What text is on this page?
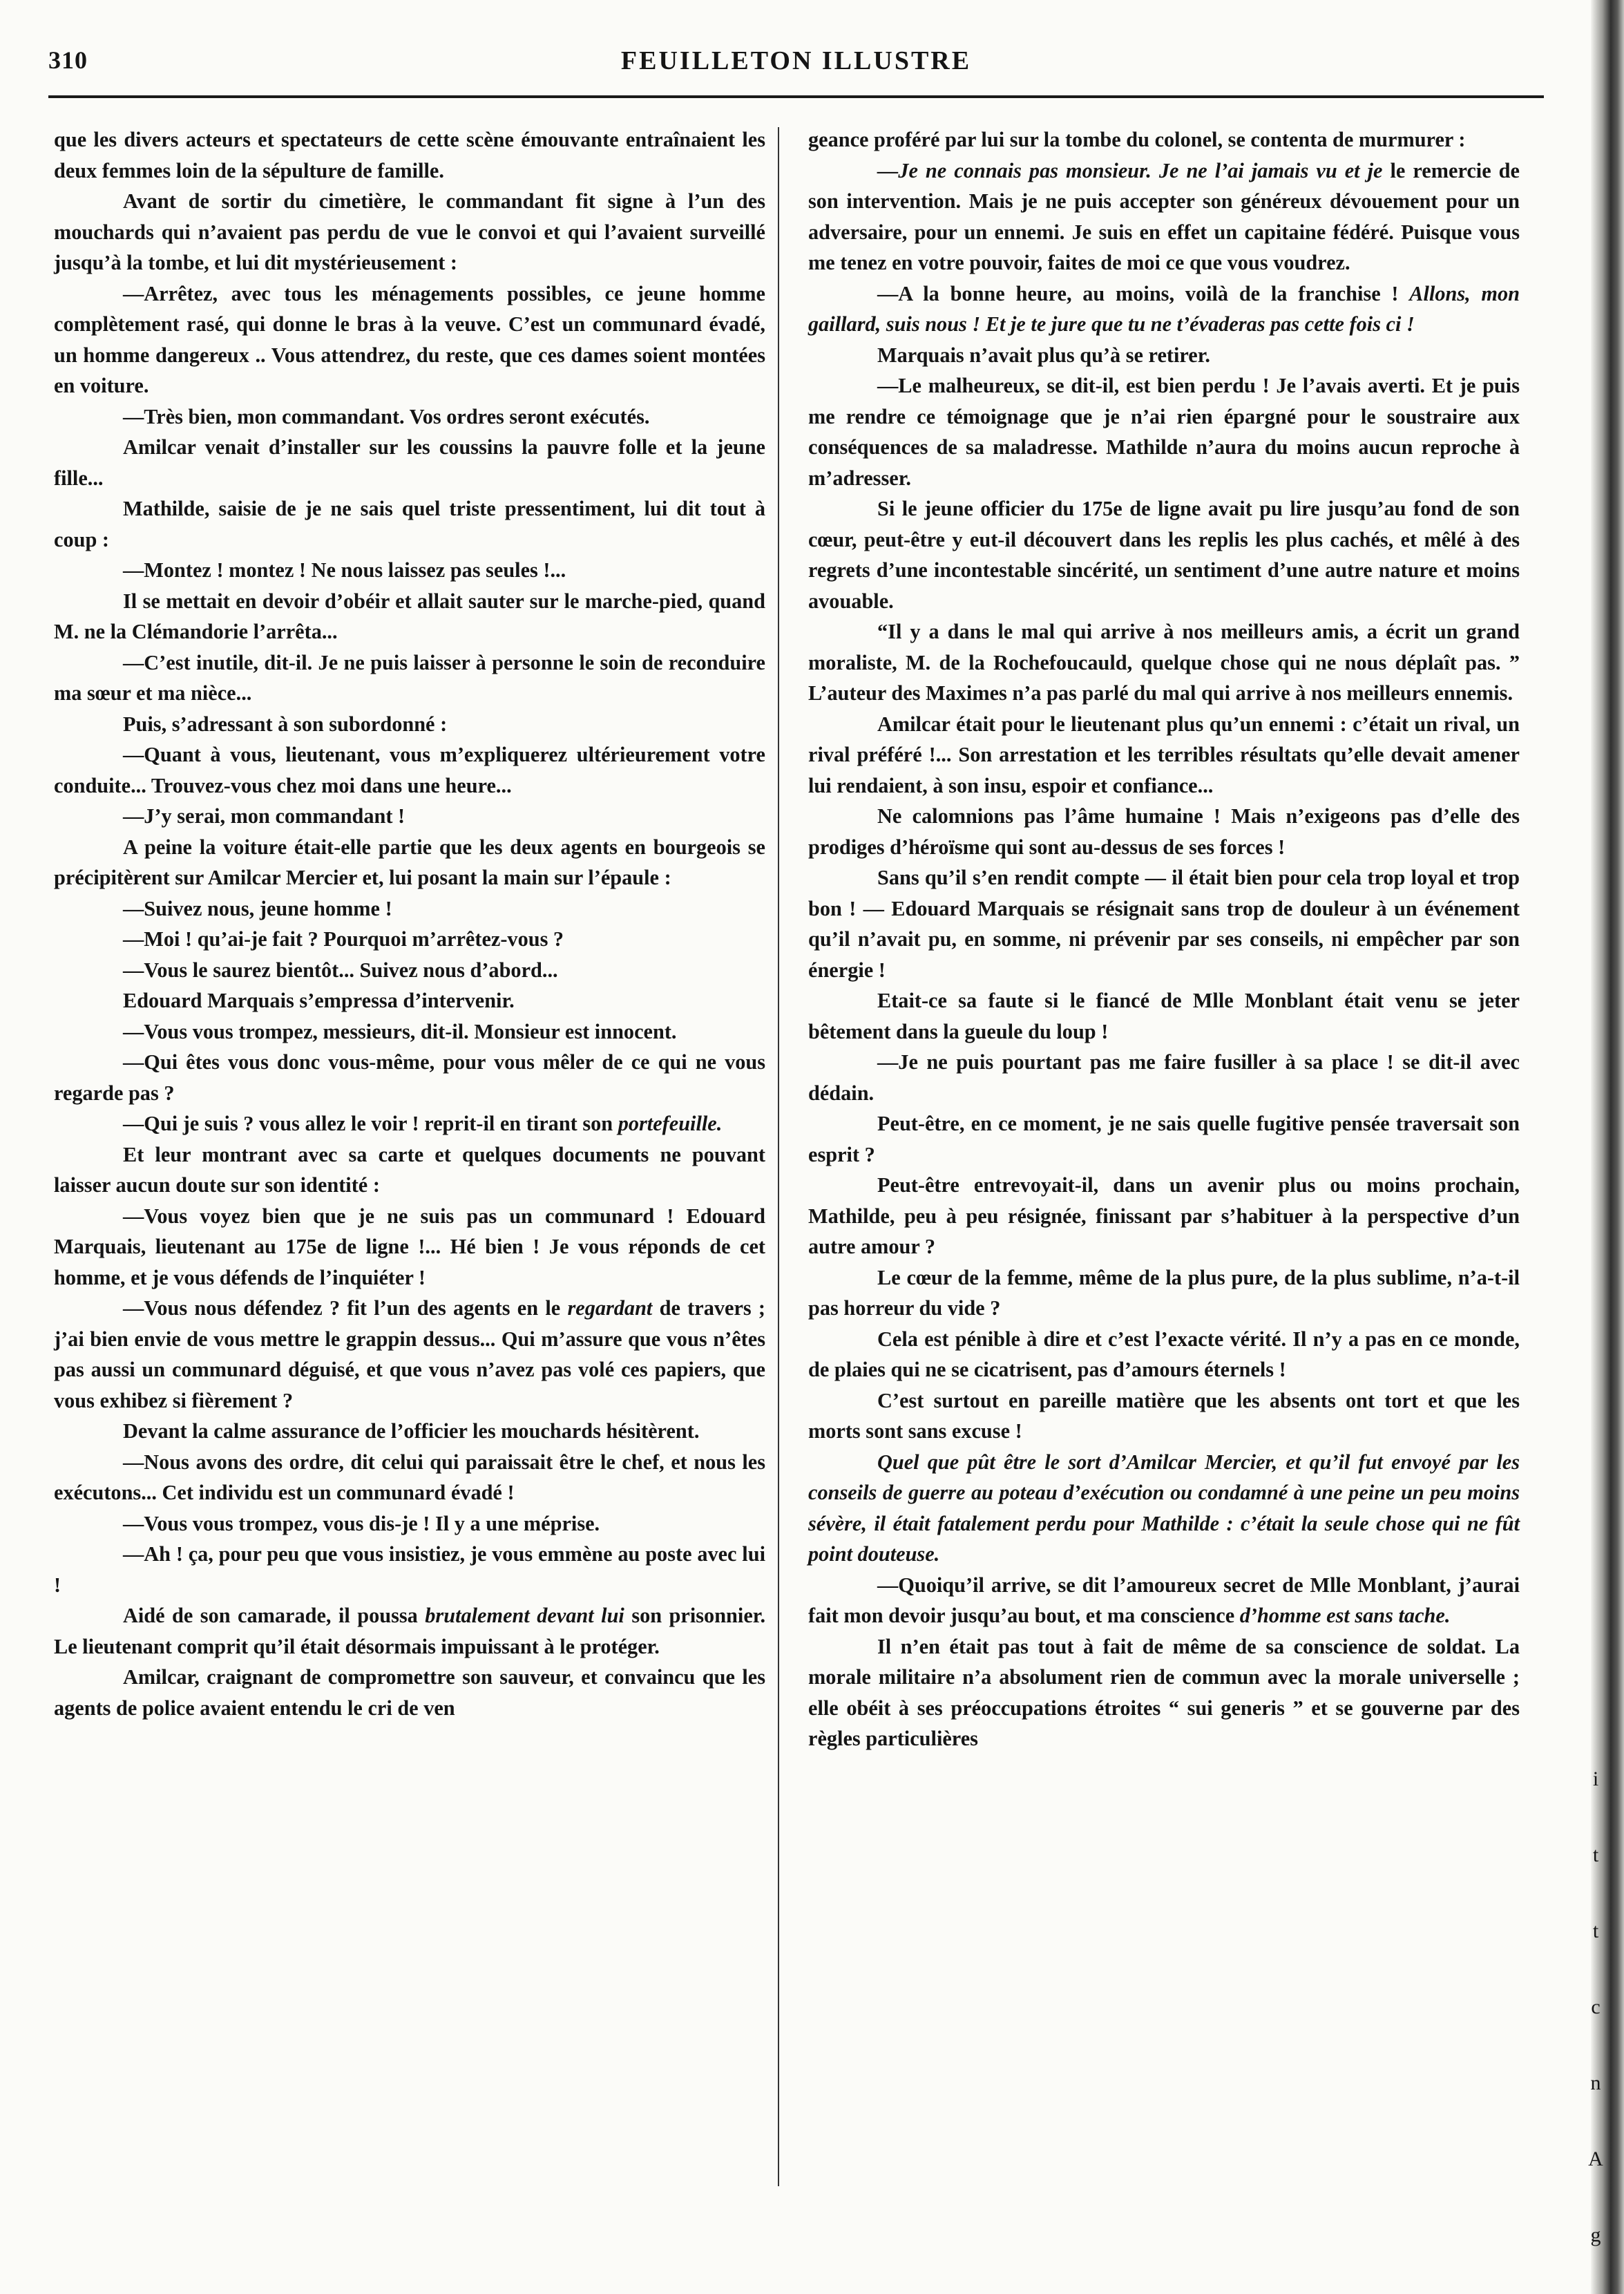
310	FEUILLETON ILLUSTRE

que les divers acteurs et spectateurs de cette scène émouvante entraînaient les deux femmes loin de la sépulture de famille.

Avant de sortir du cimetière, le commandant fit signe à l’un des mouchards qui n’avaient pas perdu de vue le convoi et qui l’avaient surveillé jusqu’à la tombe, et lui dit mystérieusement :

—Arrêtez, avec tous les ménagements possibles, ce jeune homme complètement rasé, qui donne le bras à la veuve. C’est un communard évadé, un homme dangereux .. Vous attendrez, du reste, que ces dames soient montées en voiture.

—Très bien, mon commandant. Vos ordres seront exécutés.

Amilcar venait d’installer sur les coussins la pauvre folle et la jeune fille...

Mathilde, saisie de je ne sais quel triste pressentiment, lui dit tout à coup :

—Montez ! montez ! Ne nous laissez pas seules !...

Il se mettait en devoir d’obéir et allait sauter sur le marche-pied, quand M. ne la Clémandorie l’arrêta...

—C’est inutile, dit-il. Je ne puis laisser à personne le soin de reconduire ma sœur et ma nièce...

Puis, s’adressant à son subordonné :

—Quant à vous, lieutenant, vous m’expliquerez ultérieurement votre conduite... Trouvez-vous chez moi dans une heure...

—J’y serai, mon commandant !

A peine la voiture était-elle partie que les deux agents en bourgeois se précipitèrent sur Amilcar Mercier et, lui posant la main sur l’épaule :

—Suivez nous, jeune homme !

—Moi ! qu’ai-je fait ? Pourquoi m’arrêtez-vous ?

—Vous le saurez bientôt... Suivez nous d’abord...

Edouard Marquais s’empressa d’intervenir.

—Vous vous trompez, messieurs, dit-il. Monsieur est innocent.

—Qui êtes vous donc vous-même, pour vous mêler de ce qui ne vous regarde pas ?

—Qui je suis ? vous allez le voir ! reprit-il en tirant son portefeuille.

Et leur montrant avec sa carte et quelques documents ne pouvant laisser aucun doute sur son identité :

—Vous voyez bien que je ne suis pas un communard ! Edouard Marquais, lieutenant au 175e de ligne !... Hé bien ! Je vous réponds de cet homme, et je vous défends de l’inquiéter !

—Vous nous défendez ? fit l’un des agents en le regardant de travers ; j’ai bien envie de vous mettre le grappin dessus... Qui m’assure que vous n’êtes pas aussi un communard déguisé, et que vous n’avez pas volé ces papiers, que vous exhibez si fièrement ?

Devant la calme assurance de l’officier les mouchards hésitèrent.

—Nous avons des ordre, dit celui qui paraissait être le chef, et nous les exécutons... Cet individu est un communard évadé !

—Vous vous trompez, vous dis-je ! Il y a une méprise.

—Ah ! ça, pour peu que vous insistiez, je vous emmène au poste avec lui !

Aidé de son camarade, il poussa brutalement devant lui son prisonnier. Le lieutenant comprit qu’il était désormais impuissant à le protéger.

Amilcar, craignant de compromettre son sauveur, et convaincu que les agents de police avaient entendu le cri de ven

geance proféré par lui sur la tombe du colonel, se contenta de murmurer :

—Je ne connais pas monsieur. Je ne l’ai jamais vu et je le remercie de son intervention. Mais je ne puis accepter son généreux dévouement pour un adversaire, pour un ennemi. Je suis en effet un capitaine fédéré. Puisque vous me tenez en votre pouvoir, faites de moi ce que vous voudrez.

—A la bonne heure, au moins, voilà de la franchise ! Allons, mon gaillard, suis nous ! Et je te jure que tu ne t’évaderas pas cette fois ci !

Marquais n’avait plus qu’à se retirer.

—Le malheureux, se dit-il, est bien perdu ! Je l’avais averti. Et je puis me rendre ce témoignage que je n’ai rien épargné pour le soustraire aux conséquences de sa maladresse. Mathilde n’aura du moins aucun reproche à m’adresser.

Si le jeune officier du 175e de ligne avait pu lire jusqu’au fond de son cœur, peut-être y eut-il découvert dans les replis les plus cachés, et mêlé à des regrets d’une incontestable sincérité, un sentiment d’une autre nature et moins avouable.

“Il y a dans le mal qui arrive à nos meilleurs amis, a écrit un grand moraliste, M. de la Rochefoucauld, quelque chose qui ne nous déplaît pas. ” L’auteur des Maximes n’a pas parlé du mal qui arrive à nos meilleurs ennemis.

Amilcar était pour le lieutenant plus qu’un ennemi : c’était un rival, un rival préféré !... Son arrestation et les terribles résultats qu’elle devait amener lui rendaient, à son insu, espoir et confiance...

Ne calomnions pas l’âme humaine ! Mais n’exigeons pas d’elle des prodiges d’héroïsme qui sont au-dessus de ses forces !

Sans qu’il s’en rendit compte — il était bien pour cela trop loyal et trop bon ! — Edouard Marquais se résignait sans trop de douleur à un événement qu’il n’avait pu, en somme, ni prévenir par ses conseils, ni empêcher par son énergie !

Etait-ce sa faute si le fiancé de Mlle Monblant était venu se jeter bêtement dans la gueule du loup !

—Je ne puis pourtant pas me faire fusiller à sa place ! se dit-il avec dédain.

Peut-être, en ce moment, je ne sais quelle fugitive pensée traversait son esprit ?

Peut-être entrevoyait-il, dans un avenir plus ou moins prochain, Mathilde, peu à peu résignée, finissant par s’habituer à la perspective d’un autre amour ?

Le cœur de la femme, même de la plus pure, de la plus sublime, n’a-t-il pas horreur du vide ?

Cela est pénible à dire et c’est l’exacte vérité. Il n’y a pas en ce monde, de plaies qui ne se cicatrisent, pas d’amours éternels !

C’est surtout en pareille matière que les absents ont tort et que les morts sont sans excuse !

Quel que pût être le sort d’Amilcar Mercier, et qu’il fut envoyé par les conseils de guerre au poteau d’exécution ou condamné à une peine un peu moins sévère, il était fatalement perdu pour Mathilde : c’était la seule chose qui ne fût point douteuse.

—Quoiqu’il arrive, se dit l’amoureux secret de Mlle Monblant, j’aurai fait mon devoir jusqu’au bout, et ma conscience d’homme est sans tache.

Il n’en était pas tout à fait de même de sa conscience de soldat. La morale militaire n’a absolument rien de commun avec la morale universelle ; elle obéit à ses préoccupations étroites “ sui generis ” et se gouverne par des règles particulières

i
t
t
c
n
A
g
